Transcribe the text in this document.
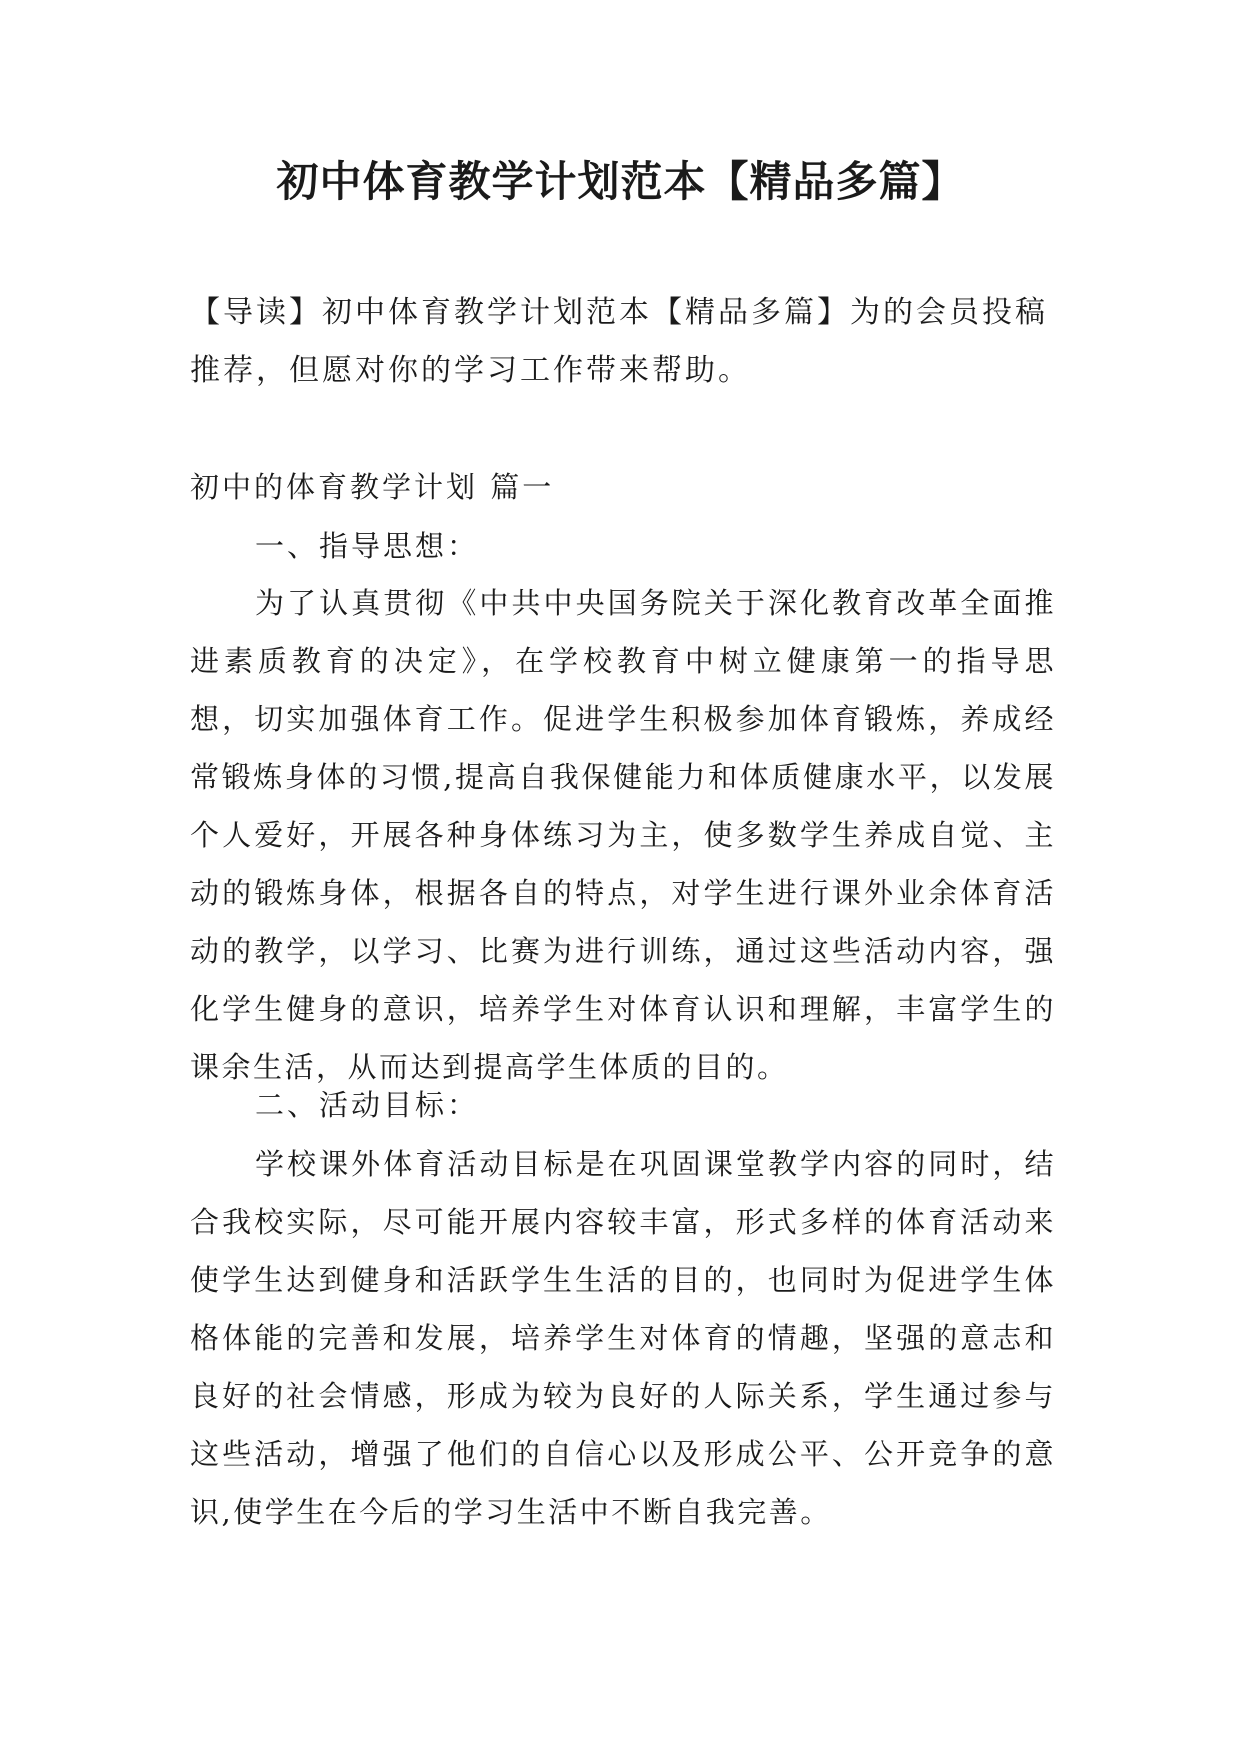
初中体育教学计划范本【精品多篇】

【导读】初中体育教学计划范本【精品多篇】为的会员投稿推荐，但愿对你的学习工作带来帮助。

初中的体育教学计划 篇一

一、指导思想：

为了认真贯彻《中共中央国务院关于深化教育改革全面推进素质教育的决定》，在学校教育中树立健康第一的指导思想，切实加强体育工作。促进学生积极参加体育锻炼，养成经常锻炼身体的习惯,提高自我保健能力和体质健康水平，以发展个人爱好，开展各种身体练习为主，使多数学生养成自觉、主动的锻炼身体，根据各自的特点，对学生进行课外业余体育活动的教学，以学习、比赛为进行训练，通过这些活动内容，强化学生健身的意识，培养学生对体育认识和理解，丰富学生的课余生活，从而达到提高学生体质的目的。

二、活动目标：

学校课外体育活动目标是在巩固课堂教学内容的同时，结合我校实际，尽可能开展内容较丰富，形式多样的体育活动来使学生达到健身和活跃学生生活的目的，也同时为促进学生体格体能的完善和发展，培养学生对体育的情趣，坚强的意志和良好的社会情感，形成为较为良好的人际关系，学生通过参与这些活动，增强了他们的自信心以及形成公平、公开竞争的意识,使学生在今后的学习生活中不断自我完善。
